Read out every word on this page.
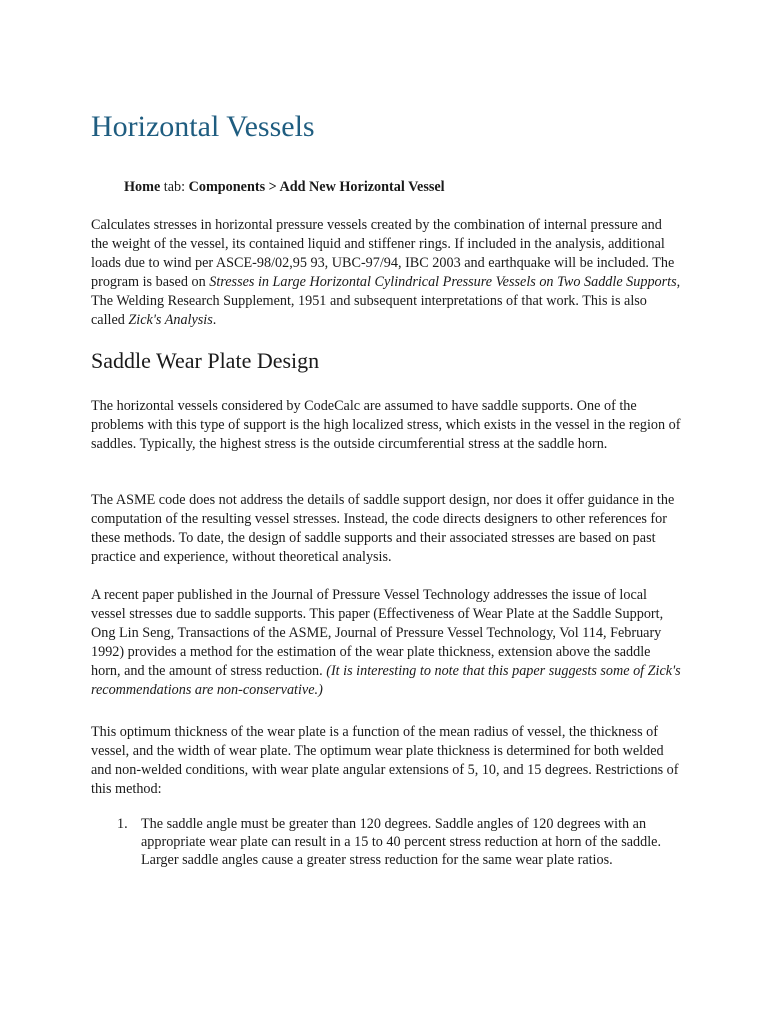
Horizontal Vessels
Home tab: Components > Add New Horizontal Vessel

Calculates stresses in horizontal pressure vessels created by the combination of internal pressure and the weight of the vessel, its contained liquid and stiffener rings. If included in the analysis, additional loads due to wind per ASCE-98/02,95 93, UBC-97/94, IBC 2003 and earthquake will be included. The program is based on Stresses in Large Horizontal Cylindrical Pressure Vessels on Two Saddle Supports, The Welding Research Supplement, 1951 and subsequent interpretations of that work. This is also called Zick's Analysis.

Saddle Wear Plate Design

The horizontal vessels considered by CodeCalc are assumed to have saddle supports. One of the problems with this type of support is the high localized stress, which exists in the vessel in the region of saddles. Typically, the highest stress is the outside circumferential stress at the saddle horn.

The ASME code does not address the details of saddle support design, nor does it offer guidance in the computation of the resulting vessel stresses. Instead, the code directs designers to other references for these methods. To date, the design of saddle supports and their associated stresses are based on past practice and experience, without theoretical analysis.

A recent paper published in the Journal of Pressure Vessel Technology addresses the issue of local vessel stresses due to saddle supports. This paper (Effectiveness of Wear Plate at the Saddle Support, Ong Lin Seng, Transactions of the ASME, Journal of Pressure Vessel Technology, Vol 114, February 1992) provides a method for the estimation of the wear plate thickness, extension above the saddle horn, and the amount of stress reduction. (It is interesting to note that this paper suggests some of Zick's recommendations are non-conservative.)

This optimum thickness of the wear plate is a function of the mean radius of vessel, the thickness of vessel, and the width of wear plate. The optimum wear plate thickness is determined for both welded and non-welded conditions, with wear plate angular extensions of 5, 10, and 15 degrees. Restrictions of this method:

1. The saddle angle must be greater than 120 degrees. Saddle angles of 120 degrees with an appropriate wear plate can result in a 15 to 40 percent stress reduction at horn of the saddle. Larger saddle angles cause a greater stress reduction for the same wear plate ratios.
